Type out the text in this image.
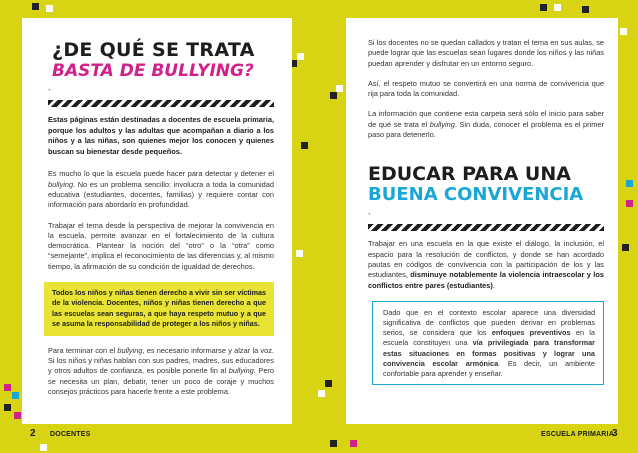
¿DE QUÉ SE TRATA
BASTA DE BULLYING?
`
Estas páginas están destinadas a docentes de escuela primaria, porque los adultos y las adultas que acompañan a diario a los niños y a las niñas, son quienes mejor los conocen y quienes buscan su bienestar desde pequeños.

Es mucho lo que la escuela puede hacer para detectar y detener el bullying. No es un problema sencillo: involucra a toda la comunidad educativa (estudiantes, docentes, familias) y requiere contar con información para abordarlo en profundidad.

Trabajar el tema desde la perspectiva de mejorar la convivencia en la escuela, permite avanzar en el fortalecimiento de la cultura democrática. Plantear la noción del “otro” o la “otra” como “semejante”, implica el reconocimiento de las diferencias y, al mismo tiempo, la afirmación de su condición de igualdad de derechos.

Todos los niños y niñas tienen derecho a vivir sin ser víctimas de la violencia. Docentes, niños y niñas tienen derecho a que las escuelas sean seguras, a que haya respeto mutuo y a que se asuma la responsabilidad de proteger a los niños y niñas.

Para terminar con el bullying, es necesario informarse y alzar la voz. Si los niños y niñas hablan con sus padres, madres, sus educadores y otros adultos de confianza, es posible ponerle fin al bullying. Pero se necesita un plan, debatir, tener un poco de coraje y muchos consejos prácticos para hacerle frente a este problema.

Si los docentes no se quedan callados y tratan el tema en sus aulas, se puede lograr que las escuelas sean lugares donde los niños y las niñas puedan aprender y disfrutar en un entorno seguro.

Así, el respeto mutuo se convertirá en una norma de convivencia que rija para toda la comunidad.

La información que contiene esta carpeta será sólo el inicio para saber de qué se trata el bullying. Sin duda, conocer el problema es el primer paso para detenerlo.

EDUCAR PARA UNA
BUENA CONVIVENCIA
`

Trabajar en una escuela en la que existe el diálogo, la inclusión, el espacio para la resolución de conflictos, y donde se han acordado pautas en códigos de convivencia con la participación de los y las estudiantes, disminuye notablemente la violencia intraescolar y los conflictos entre pares (estudiantes).

Dado que en el contexto escolar aparece una diversidad significativa de conflictos que pueden derivar en problemas serios, se considera que los enfoques preventivos en la escuela constituyen una vía privilegiada para transformar estas situaciones en formas positivas y lograr una convivencia escolar armónica. Es decir, un ambiente confortable para aprender y enseñar.

2 DOCENTES	ESCUELA PRIMARIA
3
